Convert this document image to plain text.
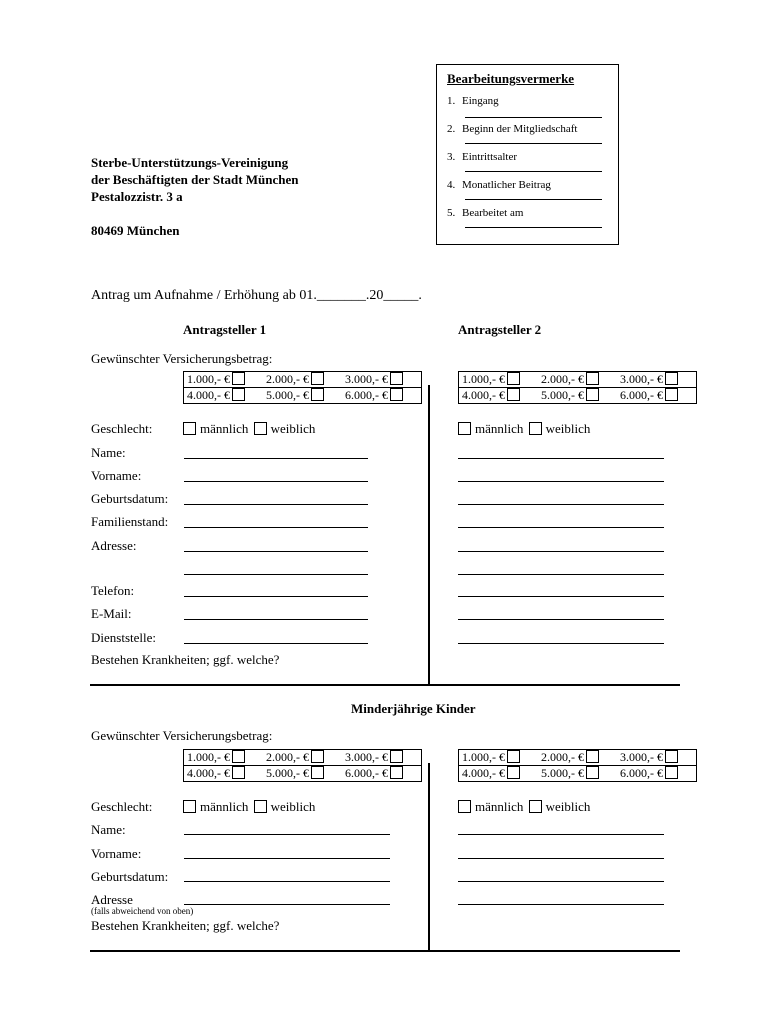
Sterbe-Unterstützungs-Vereinigung
der Beschäftigten der Stadt München
Pestalozzistr. 3 a
80469 München
Bearbeitungsvermerke
1. Eingang
2. Beginn der Mitgliedschaft
3. Eintrittsalter
4. Monatlicher Beitrag
5. Bearbeitet am
Antrag um Aufnahme / Erhöhung ab 01._______.20_____.
Antragsteller 1	Antragsteller 2
Gewünschter Versicherungsbetrag:
1.000,- €	2.000,- €	3.000,- €
4.000,- €	5.000,- €	6.000,- €
1.000,- €	2.000,- €	3.000,- €
4.000,- €	5.000,- €	6.000,- €
Geschlecht:	männlich weiblich	männlich weiblich
Name:
Vorname:
Geburtsdatum:
Familienstand:
Adresse:
Telefon:
E-Mail:
Dienststelle:
Bestehen Krankheiten; ggf. welche?
Minderjährige Kinder
Gewünschter Versicherungsbetrag:
1.000,- €	2.000,- €	3.000,- €
4.000,- €	5.000,- €	6.000,- €
1.000,- €	2.000,- €	3.000,- €
4.000,- €	5.000,- €	6.000,- €
Geschlecht:	männlich weiblich	männlich weiblich
Name:
Vorname:
Geburtsdatum:
Adresse
(falls abweichend von oben)
Bestehen Krankheiten; ggf. welche?
